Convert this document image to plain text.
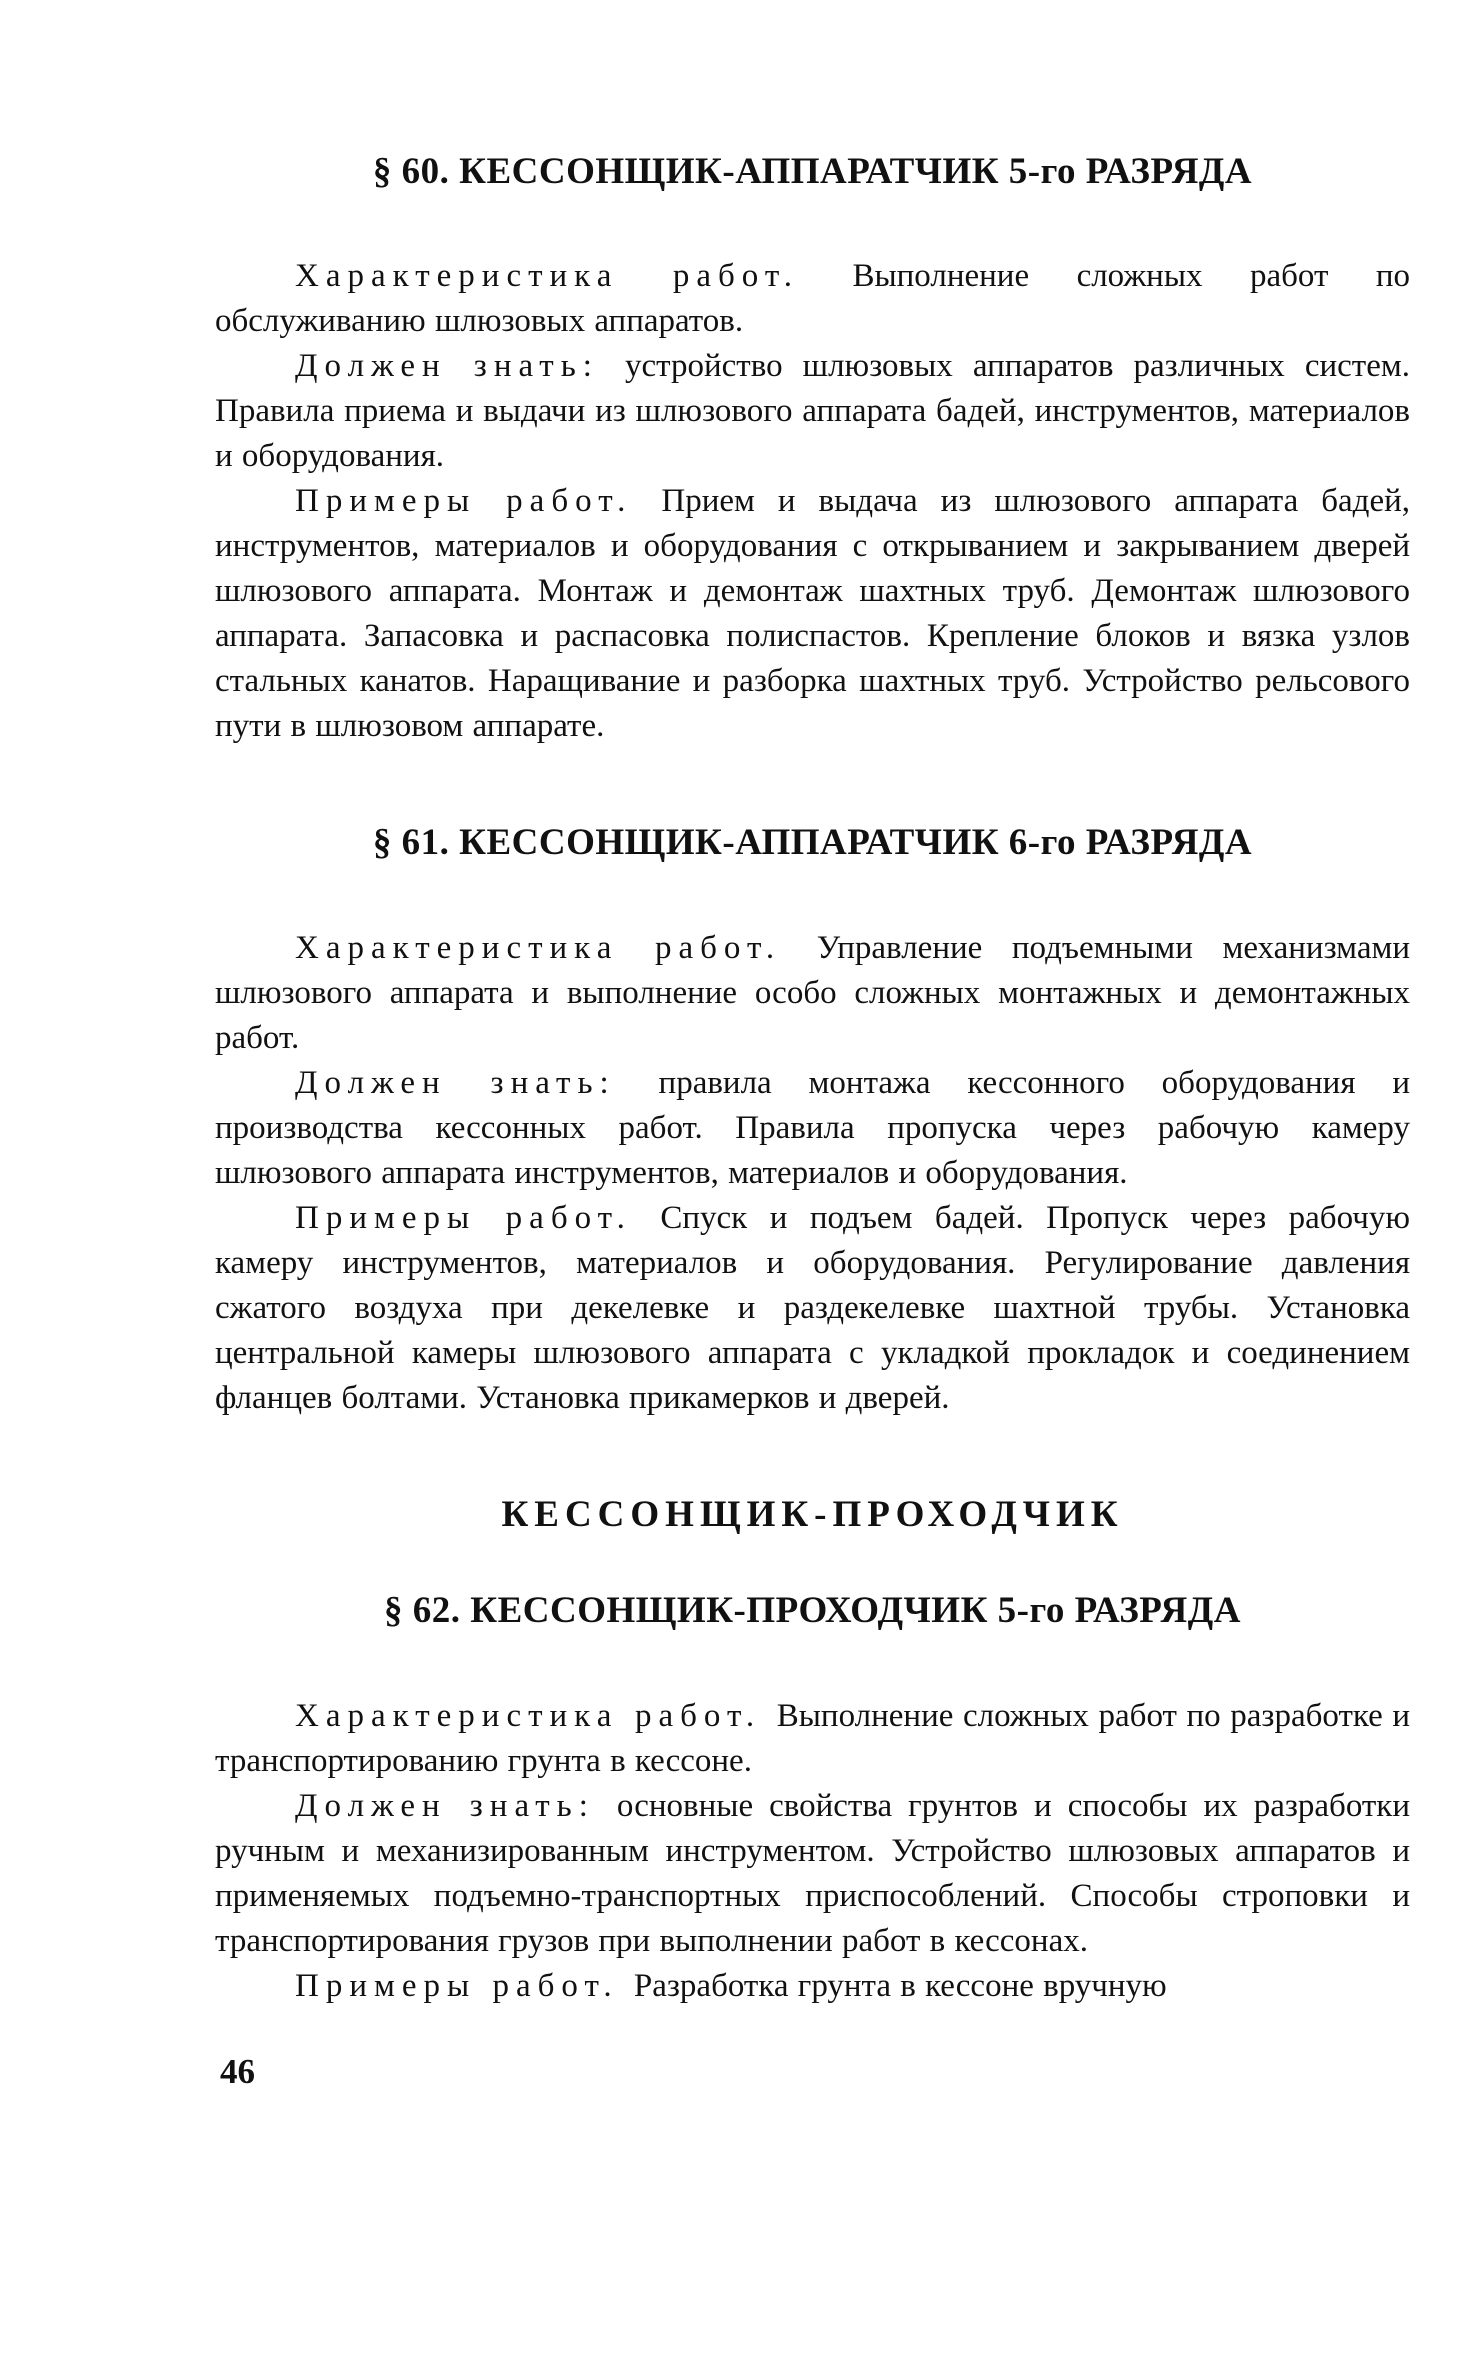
§ 60. КЕССОНЩИК-АППАРАТЧИК 5-го РАЗРЯДА

Характеристика работ. Выполнение сложных работ по обслуживанию шлюзовых аппаратов.

Должен знать: устройство шлюзовых аппаратов различных систем. Правила приема и выдачи из шлюзового аппарата бадей, инструментов, материалов и оборудования.

Примеры работ. Прием и выдача из шлюзового аппарата бадей, инструментов, материалов и оборудования с открыванием и закрыванием дверей шлюзового аппарата. Монтаж и демонтаж шахтных труб. Демонтаж шлюзового аппарата. Запасовка и распасовка полиспастов. Крепление блоков и вязка узлов стальных канатов. Наращивание и разборка шахтных труб. Устройство рельсового пути в шлюзовом аппарате.

§ 61. КЕССОНЩИК-АППАРАТЧИК 6-го РАЗРЯДА

Характеристика работ. Управление подъемными механизмами шлюзового аппарата и выполнение особо сложных монтажных и демонтажных работ.

Должен знать: правила монтажа кессонного оборудования и производства кессонных работ. Правила пропуска через рабочую камеру шлюзового аппарата инструментов, материалов и оборудования.

Примеры работ. Спуск и подъем бадей. Пропуск через рабочую камеру инструментов, материалов и оборудования. Регулирование давления сжатого воздуха при декелевке и раздекелевке шахтной трубы. Установка центральной камеры шлюзового аппарата с укладкой прокладок и соединением фланцев болтами. Установка прикамерков и дверей.

КЕССОНЩИК-ПРОХОДЧИК
§ 62. КЕССОНЩИК-ПРОХОДЧИК 5-го РАЗРЯДА

Характеристика работ. Выполнение сложных работ по разработке и транспортированию грунта в кессоне.

Должен знать: основные свойства грунтов и способы их разработки ручным и механизированным инструментом. Устройство шлюзовых аппаратов и применяемых подъемно-транспортных приспособлений. Способы строповки и транспортирования грузов при выполнении работ в кессонах.

Примеры работ. Разработка грунта в кессоне вручную

46
